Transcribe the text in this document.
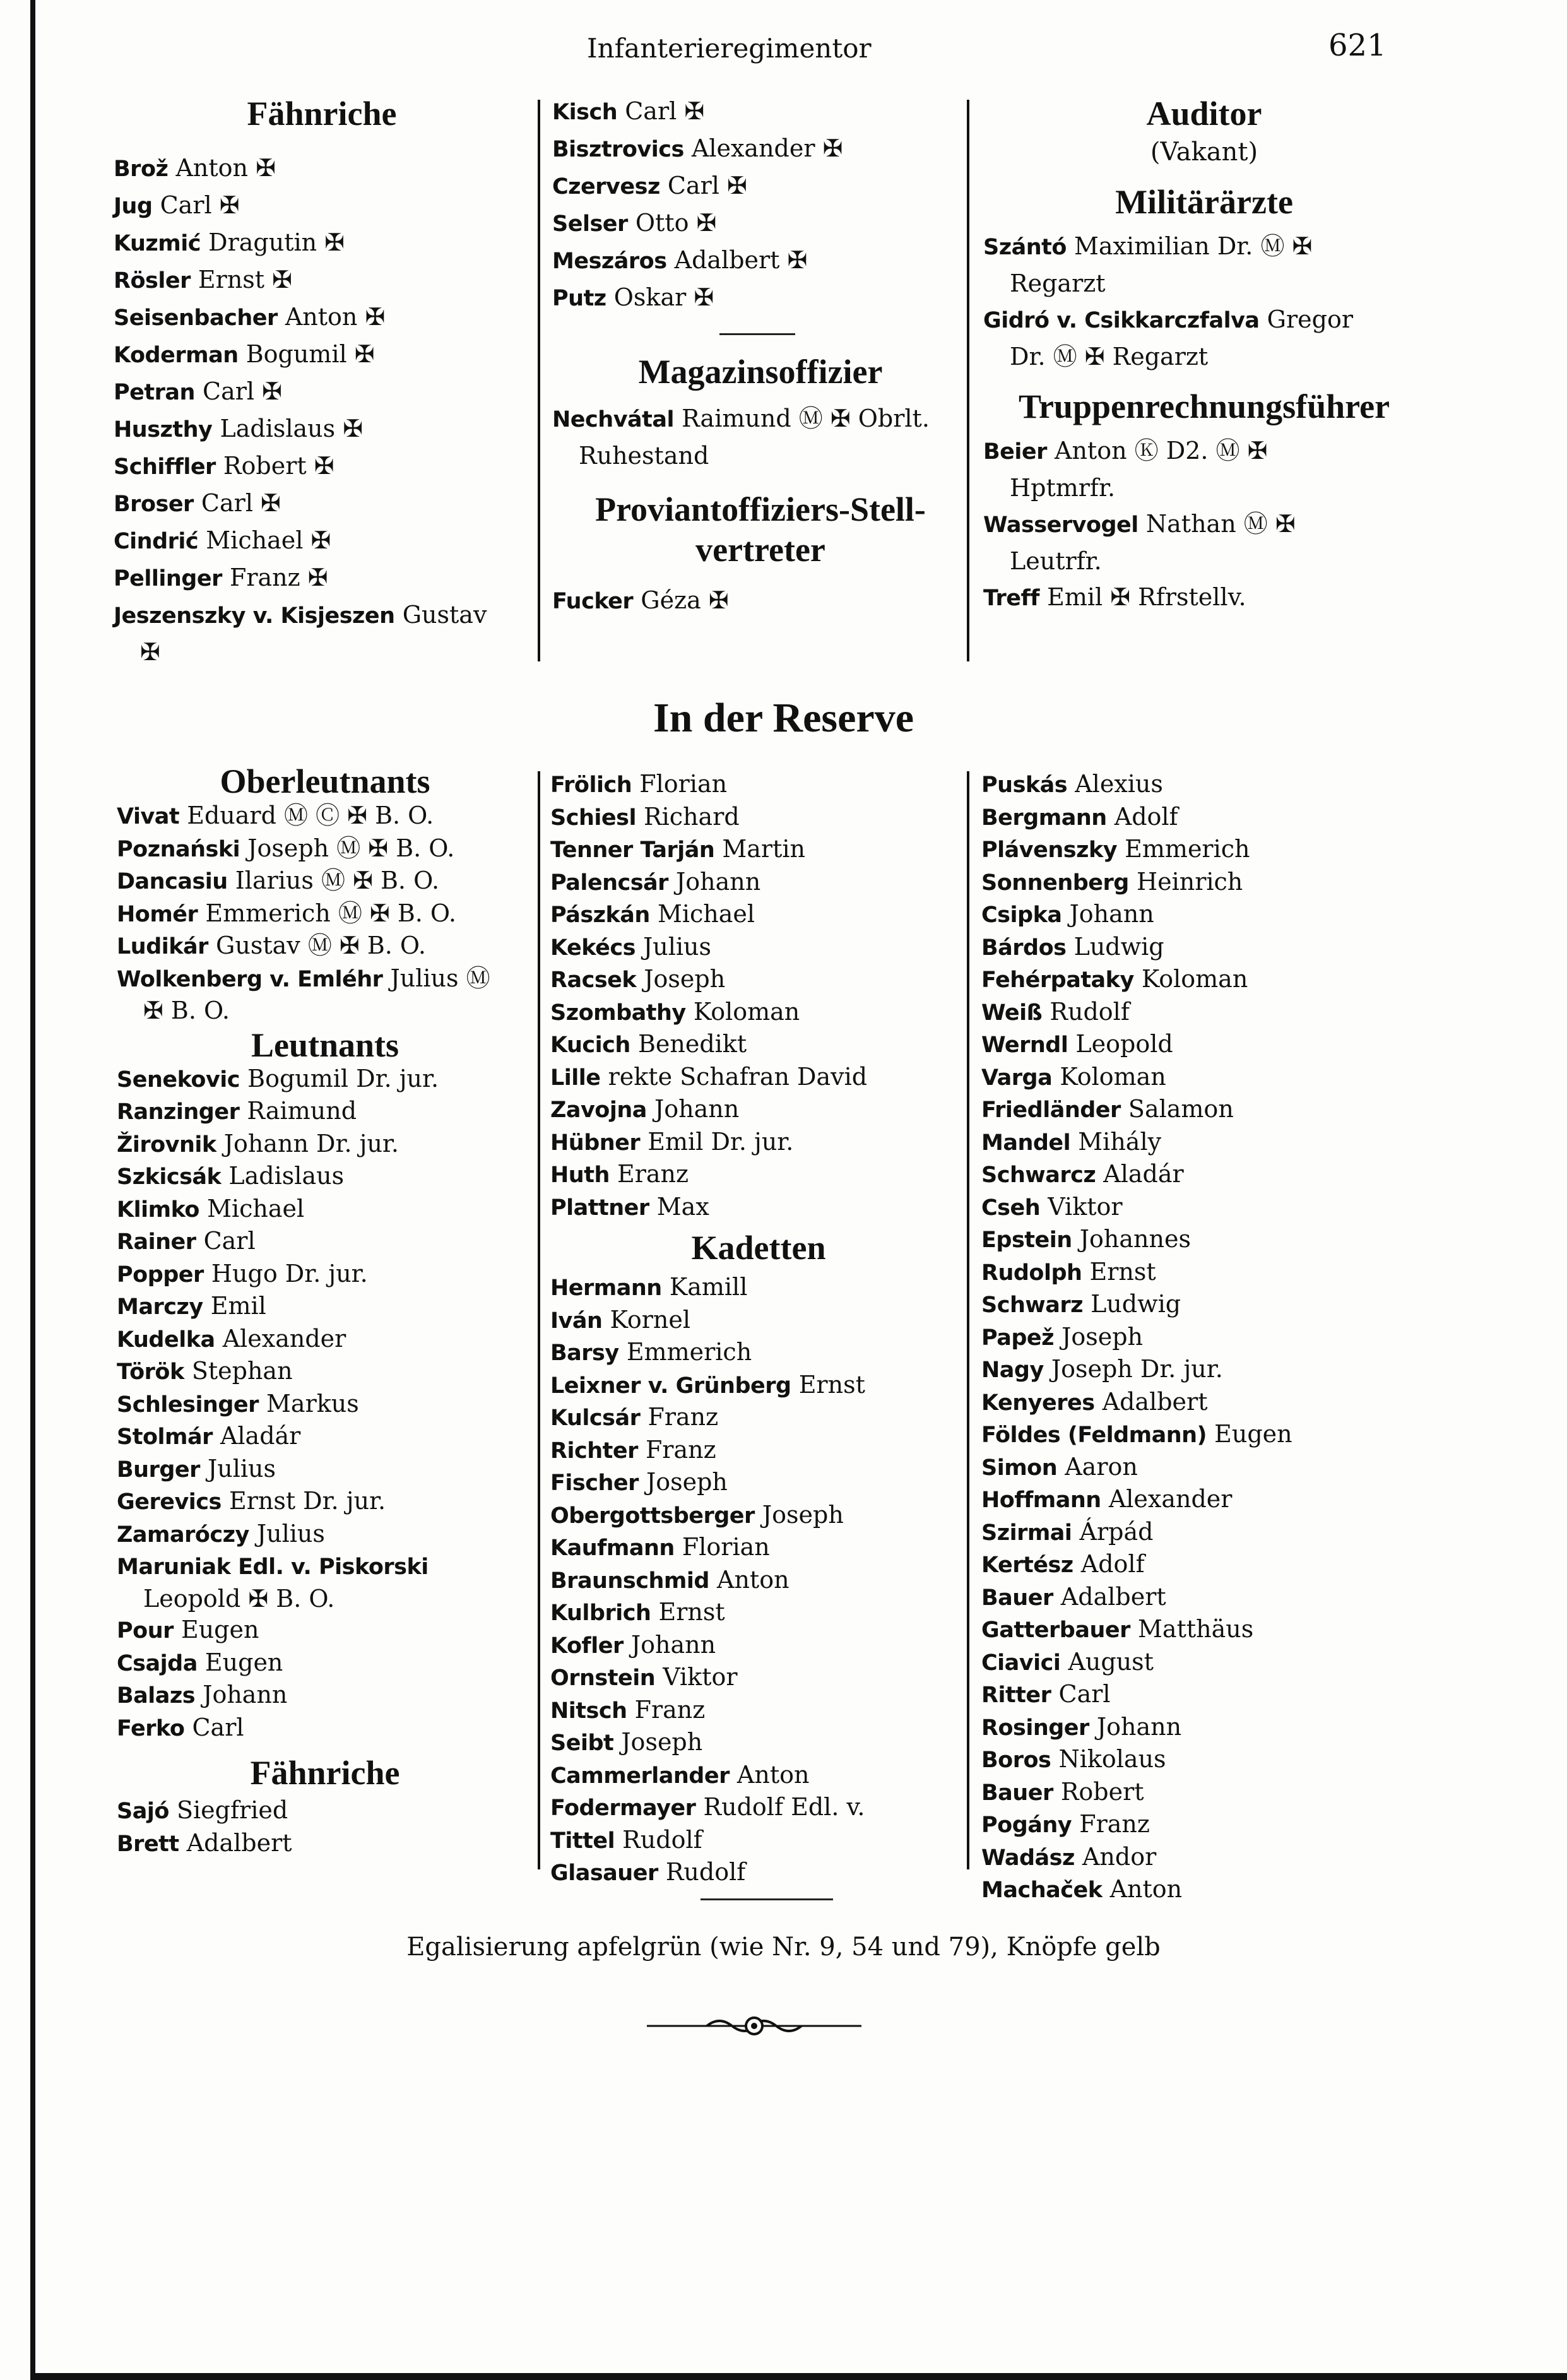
Infanterieregimentor	621
Fähnriche
Brož Anton ✠
Jug Carl ✠
Kuzmić Dragutin ✠
Rösler Ernst ✠
Seisenbacher Anton ✠
Koderman Bogumil ✠
Petran Carl ✠
Huszthy Ladislaus ✠
Schiffler Robert ✠
Broser Carl ✠
Cindrić Michael ✠
Pellinger Franz ✠
Jeszenszky v. Kisjeszen Gustav
✠
Kisch Carl ✠
Bisztrovics Alexander ✠
Czervesz Carl ✠
Selser Otto ✠
Meszáros Adalbert ✠
Putz Oskar ✠
Magazinsoffizier
Nechvátal Raimund Ⓜ ✠ Obrlt.
Ruhestand
Proviantoffiziers-Stell-
vertreter
Fucker Géza ✠
Auditor
(Vakant)
Militärärzte
Szántó Maximilian Dr. Ⓜ ✠
Regarzt
Gidró v. Csikkarczfalva Gregor
Dr. Ⓜ ✠ Regarzt
Truppenrechnungsführer
Beier Anton Ⓚ D2. Ⓜ ✠
Hptmrfr.
Wasservogel Nathan Ⓜ ✠
Leutrfr.
Treff Emil ✠ Rfrstellv.
In der Reserve
Oberleutnants
Vivat Eduard Ⓜ Ⓒ ✠ B. O.
Poznański Joseph Ⓜ ✠ B. O.
Dancasiu Ilarius Ⓜ ✠ B. O.
Homér Emmerich Ⓜ ✠ B. O.
Ludikár Gustav Ⓜ ✠ B. O.
Wolkenberg v. Emléhr Julius Ⓜ
✠ B. O.
Leutnants
Senekovic Bogumil Dr. jur.
Ranzinger Raimund
Žirovnik Johann Dr. jur.
Szkicsák Ladislaus
Klimko Michael
Rainer Carl
Popper Hugo Dr. jur.
Marczy Emil
Kudelka Alexander
Török Stephan
Schlesinger Markus
Stolmár Aladár
Burger Julius
Gerevics Ernst Dr. jur.
Zamaróczy Julius
Maruniak Edl. v. Piskorski
Leopold ✠ B. O.
Pour Eugen
Csajda Eugen
Balazs Johann
Ferko Carl
Fähnriche
Sajó Siegfried
Brett Adalbert
Frölich Florian
Schiesl Richard
Tenner Tarján Martin
Palencsár Johann
Pászkán Michael
Kekécs Julius
Racsek Joseph
Szombathy Koloman
Kucich Benedikt
Lille rekte Schafran David
Zavojna Johann
Hübner Emil Dr. jur.
Huth Eranz
Plattner Max
Kadetten
Hermann Kamill
Iván Kornel
Barsy Emmerich
Leixner v. Grünberg Ernst
Kulcsár Franz
Richter Franz
Fischer Joseph
Obergottsberger Joseph
Kaufmann Florian
Braunschmid Anton
Kulbrich Ernst
Kofler Johann
Ornstein Viktor
Nitsch Franz
Seibt Joseph
Cammerlander Anton
Fodermayer Rudolf Edl. v.
Tittel Rudolf
Glasauer Rudolf
Puskás Alexius
Bergmann Adolf
Plávenszky Emmerich
Sonnenberg Heinrich
Csipka Johann
Bárdos Ludwig
Fehérpataky Koloman
Weiß Rudolf
Werndl Leopold
Varga Koloman
Friedländer Salamon
Mandel Mihály
Schwarcz Aladár
Cseh Viktor
Epstein Johannes
Rudolph Ernst
Schwarz Ludwig
Papež Joseph
Nagy Joseph Dr. jur.
Kenyeres Adalbert
Földes (Feldmann) Eugen
Simon Aaron
Hoffmann Alexander
Szirmai Árpád
Kertész Adolf
Bauer Adalbert
Gatterbauer Matthäus
Ciavici August
Ritter Carl
Rosinger Johann
Boros Nikolaus
Bauer Robert
Pogány Franz
Wadász Andor
Machaček Anton
Egalisierung apfelgrün (wie Nr. 9, 54 und 79), Knöpfe gelb
